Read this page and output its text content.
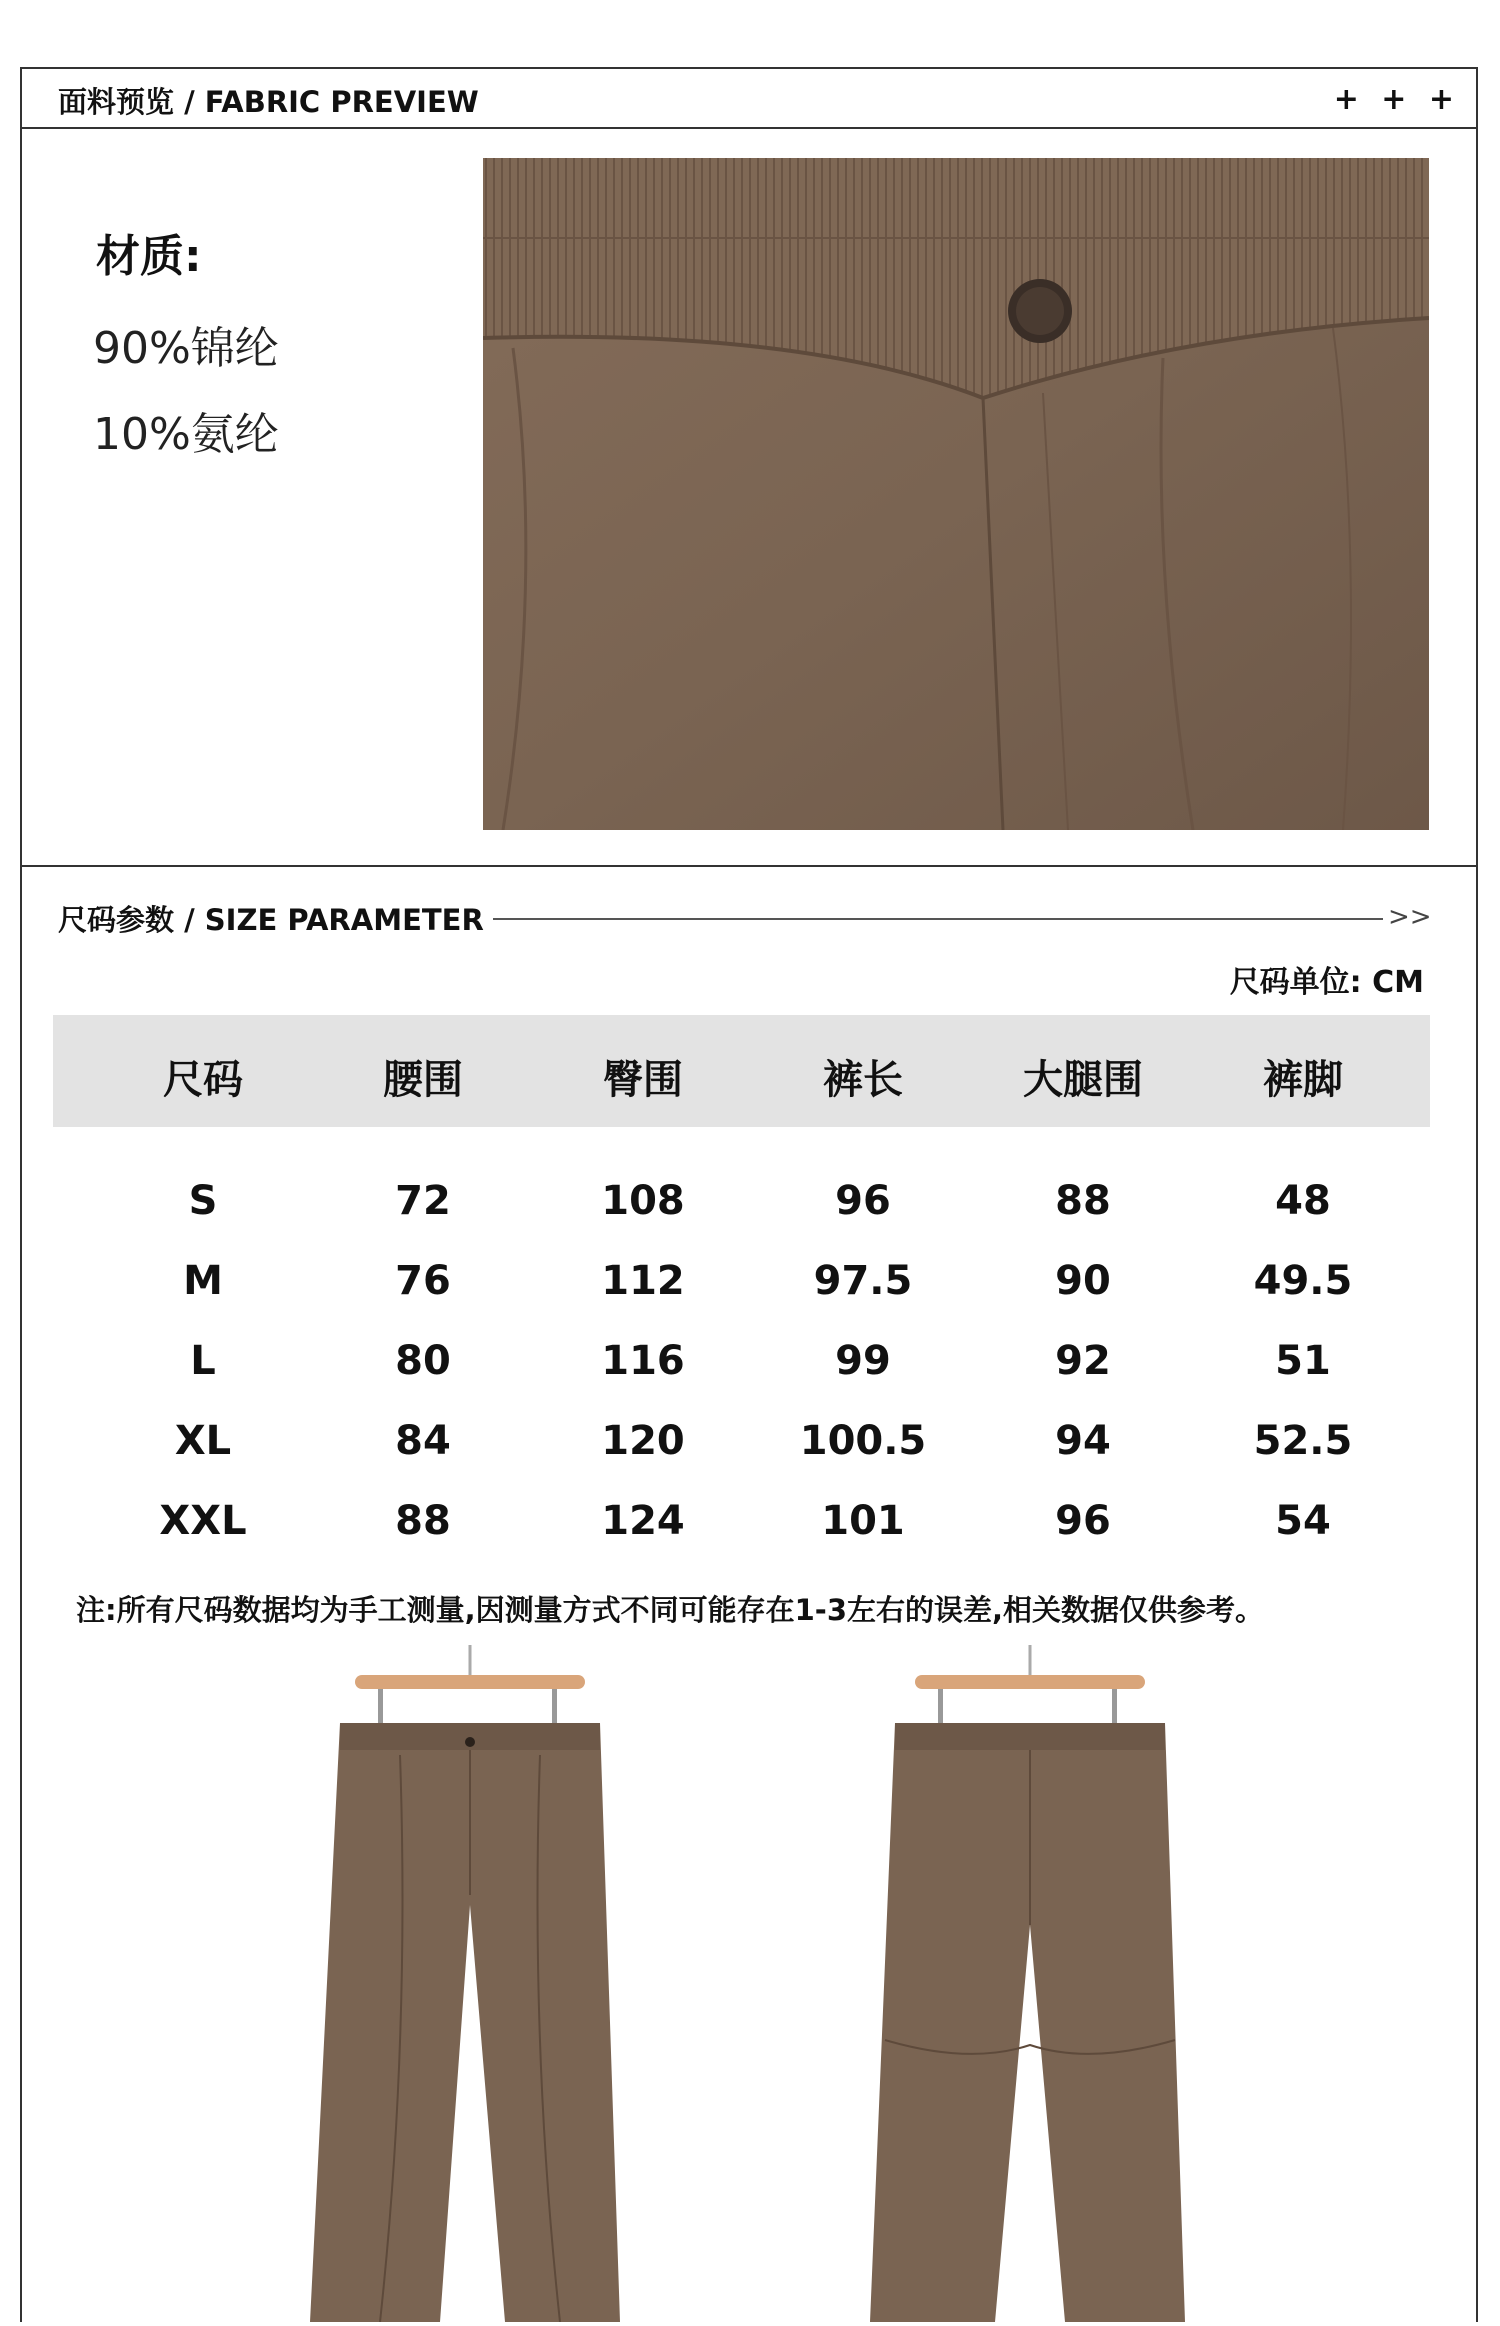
面料预览 / FABRIC PREVIEW	+ + +
材质:
90%锦纶
10%氨纶
尺码参数 / SIZE PARAMETER	>>
尺码单位: CM
尺码	腰围	臀围	裤长	大腿围	裤脚
S	72	108	96	88	48
M	76	112	97.5	90	49.5
L	80	116	99	92	51
XL	84	120	100.5	94	52.5
XXL	88	124	101	96	54
注:所有尺码数据均为手工测量,因测量方式不同可能存在1-3左右的误差,相关数据仅供参考。
